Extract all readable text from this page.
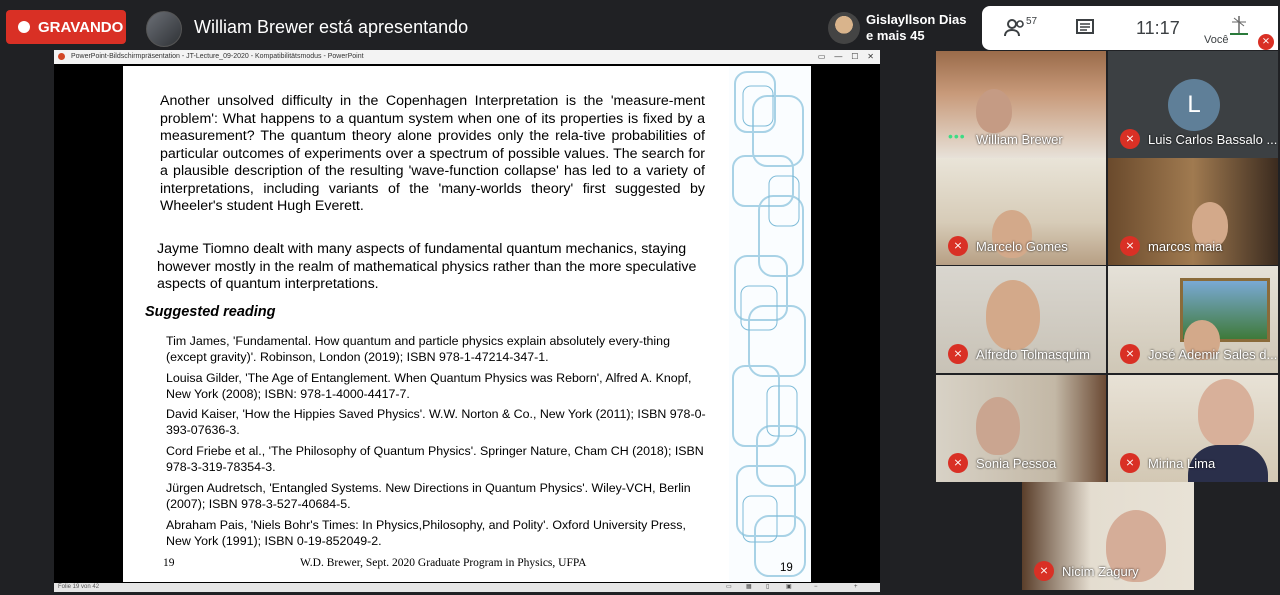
GRAVANDO	William Brewer está apresentando	Gislayllson Dias
e mais 45
57	11:17
Você	⨯
PowerPoint-Bildschirmpräsentation - JT-Lecture_09-2020 - Kompatibilitätsmodus - PowerPoint	▭    —    ☐    ✕

Another unsolved difficulty in the Copenhagen Interpretation is the 'measure-ment problem': What happens to a quantum system when one of its properties is fixed by a measurement? The quantum theory alone provides only the rela-tive probabilities of particular outcomes of experiments over a spectrum of possible values. The search for a plausible description of the resulting 'wave-function collapse' has led to a variety of interpretations, including variants of the 'many-worlds theory' first suggested by Wheeler's student Hugh Everett.

Jayme Tiomno dealt with many aspects of fundamental quantum mechanics, staying however mostly in the realm of mathematical physics rather than the more speculative aspects of quantum interpretations.

Suggested reading

Tim James, 'Fundamental. How quantum and particle physics explain absolutely every-thing (except gravity)'. Robinson, London (2019); ISBN 978-1-47214-347-1.

Louisa Gilder, 'The Age of Entanglement. When Quantum Physics was Reborn', Alfred A. Knopf, New York (2008); ISBN: 978-1-4000-4417-7.

David Kaiser, 'How the Hippies Saved Physics'. W.W. Norton & Co., New York (2011); ISBN 978-0-393-07636-3.

Cord Friebe et al., 'The Philosophy of Quantum Physics'. Springer Nature, Cham CH (2018); ISBN 978-3-319-78354-3.

Jürgen Audretsch, 'Entangled Systems. New Directions in Quantum Physics'. Wiley-VCH, Berlin (2007); ISBN 978-3-527-40684-5.

Abraham Pais, 'Niels Bohr's Times: In Physics,Philosophy, and Polity'. Oxford University Press, New York (1991); ISBN 0-19-852049-2.

19	W.D. Brewer, Sept. 2020 Graduate Program in Physics, UFPA	19
Folie 19 von 42	▭ ▦ ▯	▣	−	+
••• William Brewer
L
⨯	Luis Carlos Bassalo ...
⨯	Marcelo Gomes	⨯	marcos maia
⨯	Alfredo Tolmasquim	⨯	José Ademir Sales d...
⨯	Sonia Pessoa	⨯	Mirina Lima
⨯	Nicim Zagury
